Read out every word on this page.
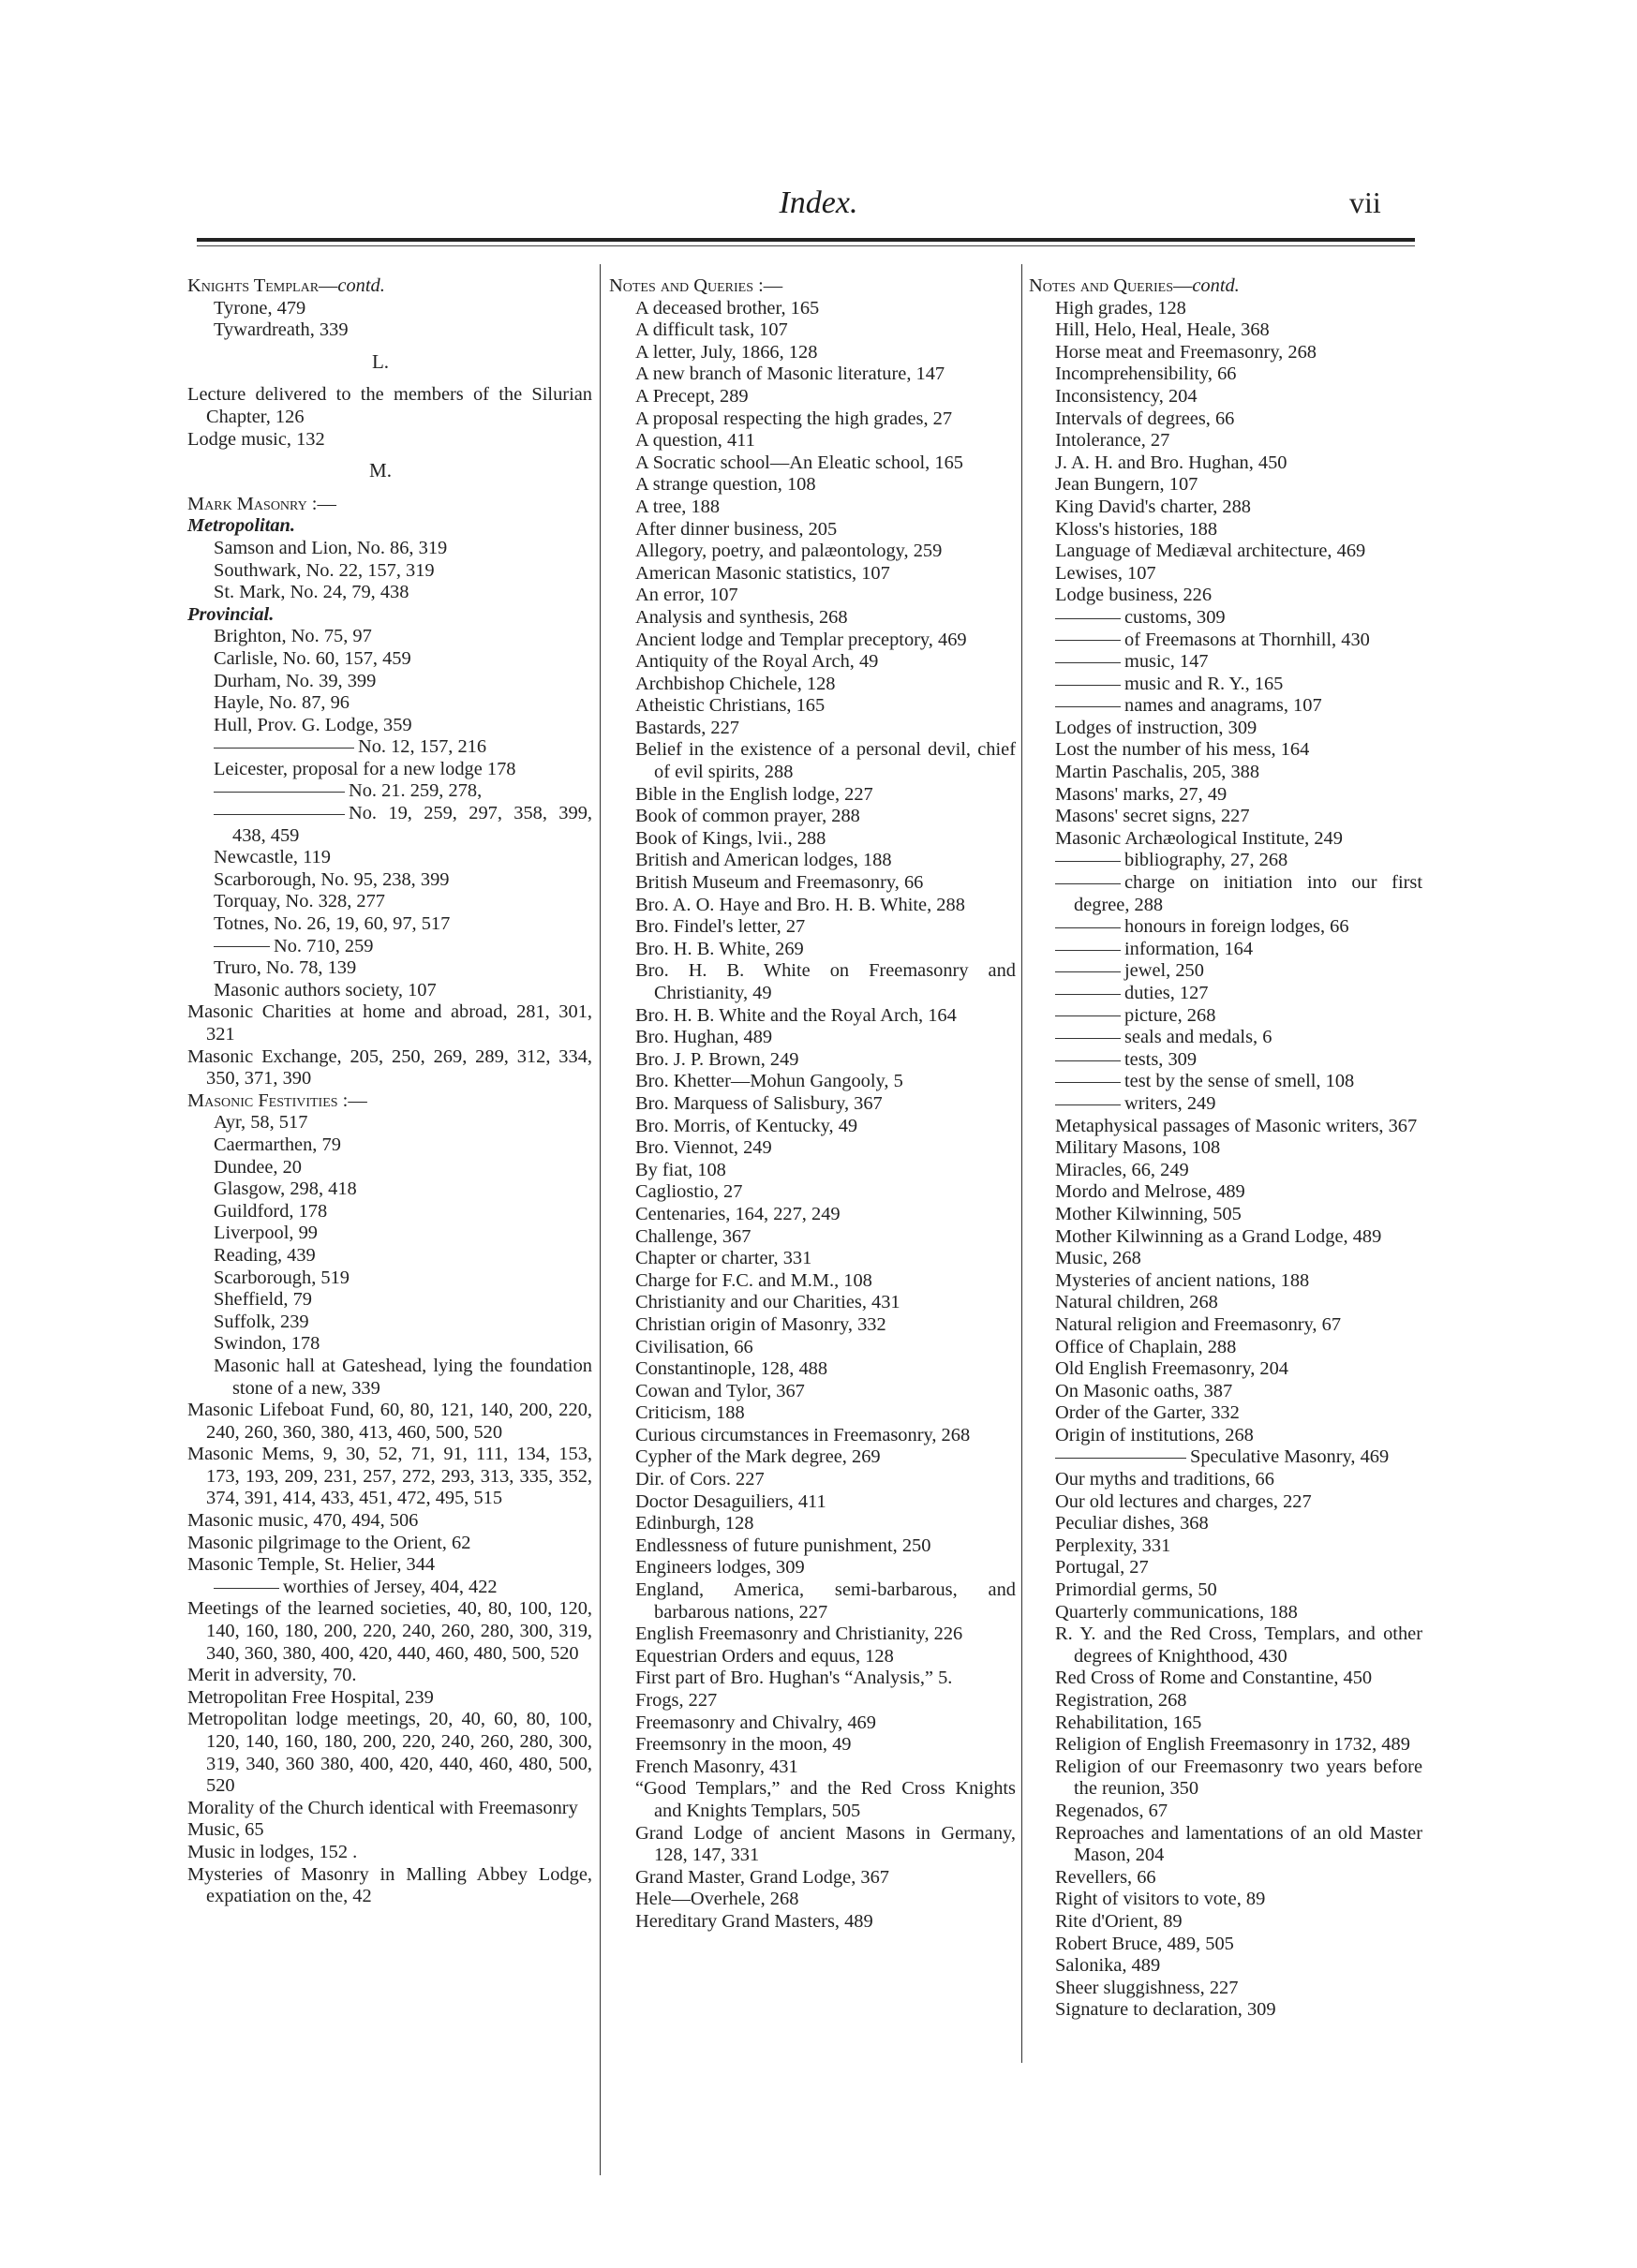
Index.	vii
Knights Templar—contd.
Tyrone, 479
Tywardreath, 339
L.
Lecture delivered to the members of the Silurian Chapter, 126
Lodge music, 132
M.
Mark Masonry :—
Metropolitan.
Samson and Lion, No. 86, 319
Southwark, No. 22, 157, 319
St. Mark, No. 24, 79, 438
Provincial.
Brighton, No. 75, 97
Carlisle, No. 60, 157, 459
Durham, No. 39, 399
Hayle, No. 87, 96
Hull, Prov. G. Lodge, 359
No. 12, 157, 216
Leicester, proposal for a new lodge 178
No. 21. 259, 278,
No. 19, 259, 297, 358, 399, 438, 459
Newcastle, 119
Scarborough, No. 95, 238, 399
Torquay, No. 328, 277
Totnes, No. 26, 19, 60, 97, 517
No. 710, 259
Truro, No. 78, 139
Masonic authors society, 107
Masonic Charities at home and abroad, 281, 301, 321
Masonic Exchange, 205, 250, 269, 289, 312, 334, 350, 371, 390
Masonic Festivities :—
Ayr, 58, 517
Caermarthen, 79
Dundee, 20
Glasgow, 298, 418
Guildford, 178
Liverpool, 99
Reading, 439
Scarborough, 519
Sheffield, 79
Suffolk, 239
Swindon, 178
Masonic hall at Gateshead, lying the foundation stone of a new, 339
Masonic Lifeboat Fund, 60, 80, 121, 140, 200, 220, 240, 260, 360, 380, 413, 460, 500, 520
Masonic Mems, 9, 30, 52, 71, 91, 111, 134, 153, 173, 193, 209, 231, 257, 272, 293, 313, 335, 352, 374, 391, 414, 433, 451, 472, 495, 515
Masonic music, 470, 494, 506
Masonic pilgrimage to the Orient, 62
Masonic Temple, St. Helier, 344
worthies of Jersey, 404, 422
Meetings of the learned societies, 40, 80, 100, 120, 140, 160, 180, 200, 220, 240, 260, 280, 300, 319, 340, 360, 380, 400, 420, 440, 460, 480, 500, 520
Merit in adversity, 70.
Metropolitan Free Hospital, 239
Metropolitan lodge meetings, 20, 40, 60, 80, 100, 120, 140, 160, 180, 200, 220, 240, 260, 280, 300, 319, 340, 360 380, 400, 420, 440, 460, 480, 500, 520
Morality of the Church identical with Freemasonry
Music, 65
Music in lodges, 152 .
Mysteries of Masonry in Malling Abbey Lodge, expatiation on the, 42
Notes and Queries :—
A deceased brother, 165
A difficult task, 107
A letter, July, 1866, 128
A new branch of Masonic literature, 147
A Precept, 289
A proposal respecting the high grades, 27
A question, 411
A Socratic school—An Eleatic school, 165
A strange question, 108
A tree, 188
After dinner business, 205
Allegory, poetry, and palæontology, 259
American Masonic statistics, 107
An error, 107
Analysis and synthesis, 268
Ancient lodge and Templar preceptory, 469
Antiquity of the Royal Arch, 49
Archbishop Chichele, 128
Atheistic Christians, 165
Bastards, 227
Belief in the existence of a personal devil, chief of evil spirits, 288
Bible in the English lodge, 227
Book of common prayer, 288
Book of Kings, lvii., 288
British and American lodges, 188
British Museum and Freemasonry, 66
Bro. A. O. Haye and Bro. H. B. White, 288
Bro. Findel's letter, 27
Bro. H. B. White, 269
Bro. H. B. White on Freemasonry and Christianity, 49
Bro. H. B. White and the Royal Arch, 164
Bro. Hughan, 489
Bro. J. P. Brown, 249
Bro. Khetter—Mohun Gangooly, 5
Bro. Marquess of Salisbury, 367
Bro. Morris, of Kentucky, 49
Bro. Viennot, 249
By fiat, 108
Cagliostio, 27
Centenaries, 164, 227, 249
Challenge, 367
Chapter or charter, 331
Charge for F.C. and M.M., 108
Christianity and our Charities, 431
Christian origin of Masonry, 332
Civilisation, 66
Constantinople, 128, 488
Cowan and Tylor, 367
Criticism, 188
Curious circumstances in Freemasonry, 268
Cypher of the Mark degree, 269
Dir. of Cors. 227
Doctor Desaguiliers, 411
Edinburgh, 128
Endlessness of future punishment, 250
Engineers lodges, 309
England, America, semi-barbarous, and barbarous nations, 227
English Freemasonry and Christianity, 226
Equestrian Orders and equus, 128
First part of Bro. Hughan's “Analysis,” 5.
Frogs, 227
Freemasonry and Chivalry, 469
Freemsonry in the moon, 49
French Masonry, 431
“Good Templars,” and the Red Cross Knights and Knights Templars, 505
Grand Lodge of ancient Masons in Germany, 128, 147, 331
Grand Master, Grand Lodge, 367
Hele—Overhele, 268
Hereditary Grand Masters, 489
Notes and Queries—contd.
High grades, 128
Hill, Helo, Heal, Heale, 368
Horse meat and Freemasonry, 268
Incomprehensibility, 66
Inconsistency, 204
Intervals of degrees, 66
Intolerance, 27
J. A. H. and Bro. Hughan, 450
Jean Bungern, 107
King David's charter, 288
Kloss's histories, 188
Language of Mediæval architecture, 469
Lewises, 107
Lodge business, 226
customs, 309
of Freemasons at Thornhill, 430
music, 147
music and R. Y., 165
names and anagrams, 107
Lodges of instruction, 309
Lost the number of his mess, 164
Martin Paschalis, 205, 388
Masons' marks, 27, 49
Masons' secret signs, 227
Masonic Archæological Institute, 249
bibliography, 27, 268
charge on initiation into our first degree, 288
honours in foreign lodges, 66
information, 164
jewel, 250
duties, 127
picture, 268
seals and medals, 6
tests, 309
test by the sense of smell, 108
writers, 249
Metaphysical passages of Masonic writers, 367
Military Masons, 108
Miracles, 66, 249
Mordo and Melrose, 489
Mother Kilwinning, 505
Mother Kilwinning as a Grand Lodge, 489
Music, 268
Mysteries of ancient nations, 188
Natural children, 268
Natural religion and Freemasonry, 67
Office of Chaplain, 288
Old English Freemasonry, 204
On Masonic oaths, 387
Order of the Garter, 332
Origin of institutions, 268
Speculative Masonry, 469
Our myths and traditions, 66
Our old lectures and charges, 227
Peculiar dishes, 368
Perplexity, 331
Portugal, 27
Primordial germs, 50
Quarterly communications, 188
R. Y. and the Red Cross, Templars, and other degrees of Knighthood, 430
Red Cross of Rome and Constantine, 450
Registration, 268
Rehabilitation, 165
Religion of English Freemasonry in 1732, 489
Religion of our Freemasonry two years before the reunion, 350
Regenados, 67
Reproaches and lamentations of an old Master Mason, 204
Revellers, 66
Right of visitors to vote, 89
Rite d'Orient, 89
Robert Bruce, 489, 505
Salonika, 489
Sheer sluggishness, 227
Signature to declaration, 309
